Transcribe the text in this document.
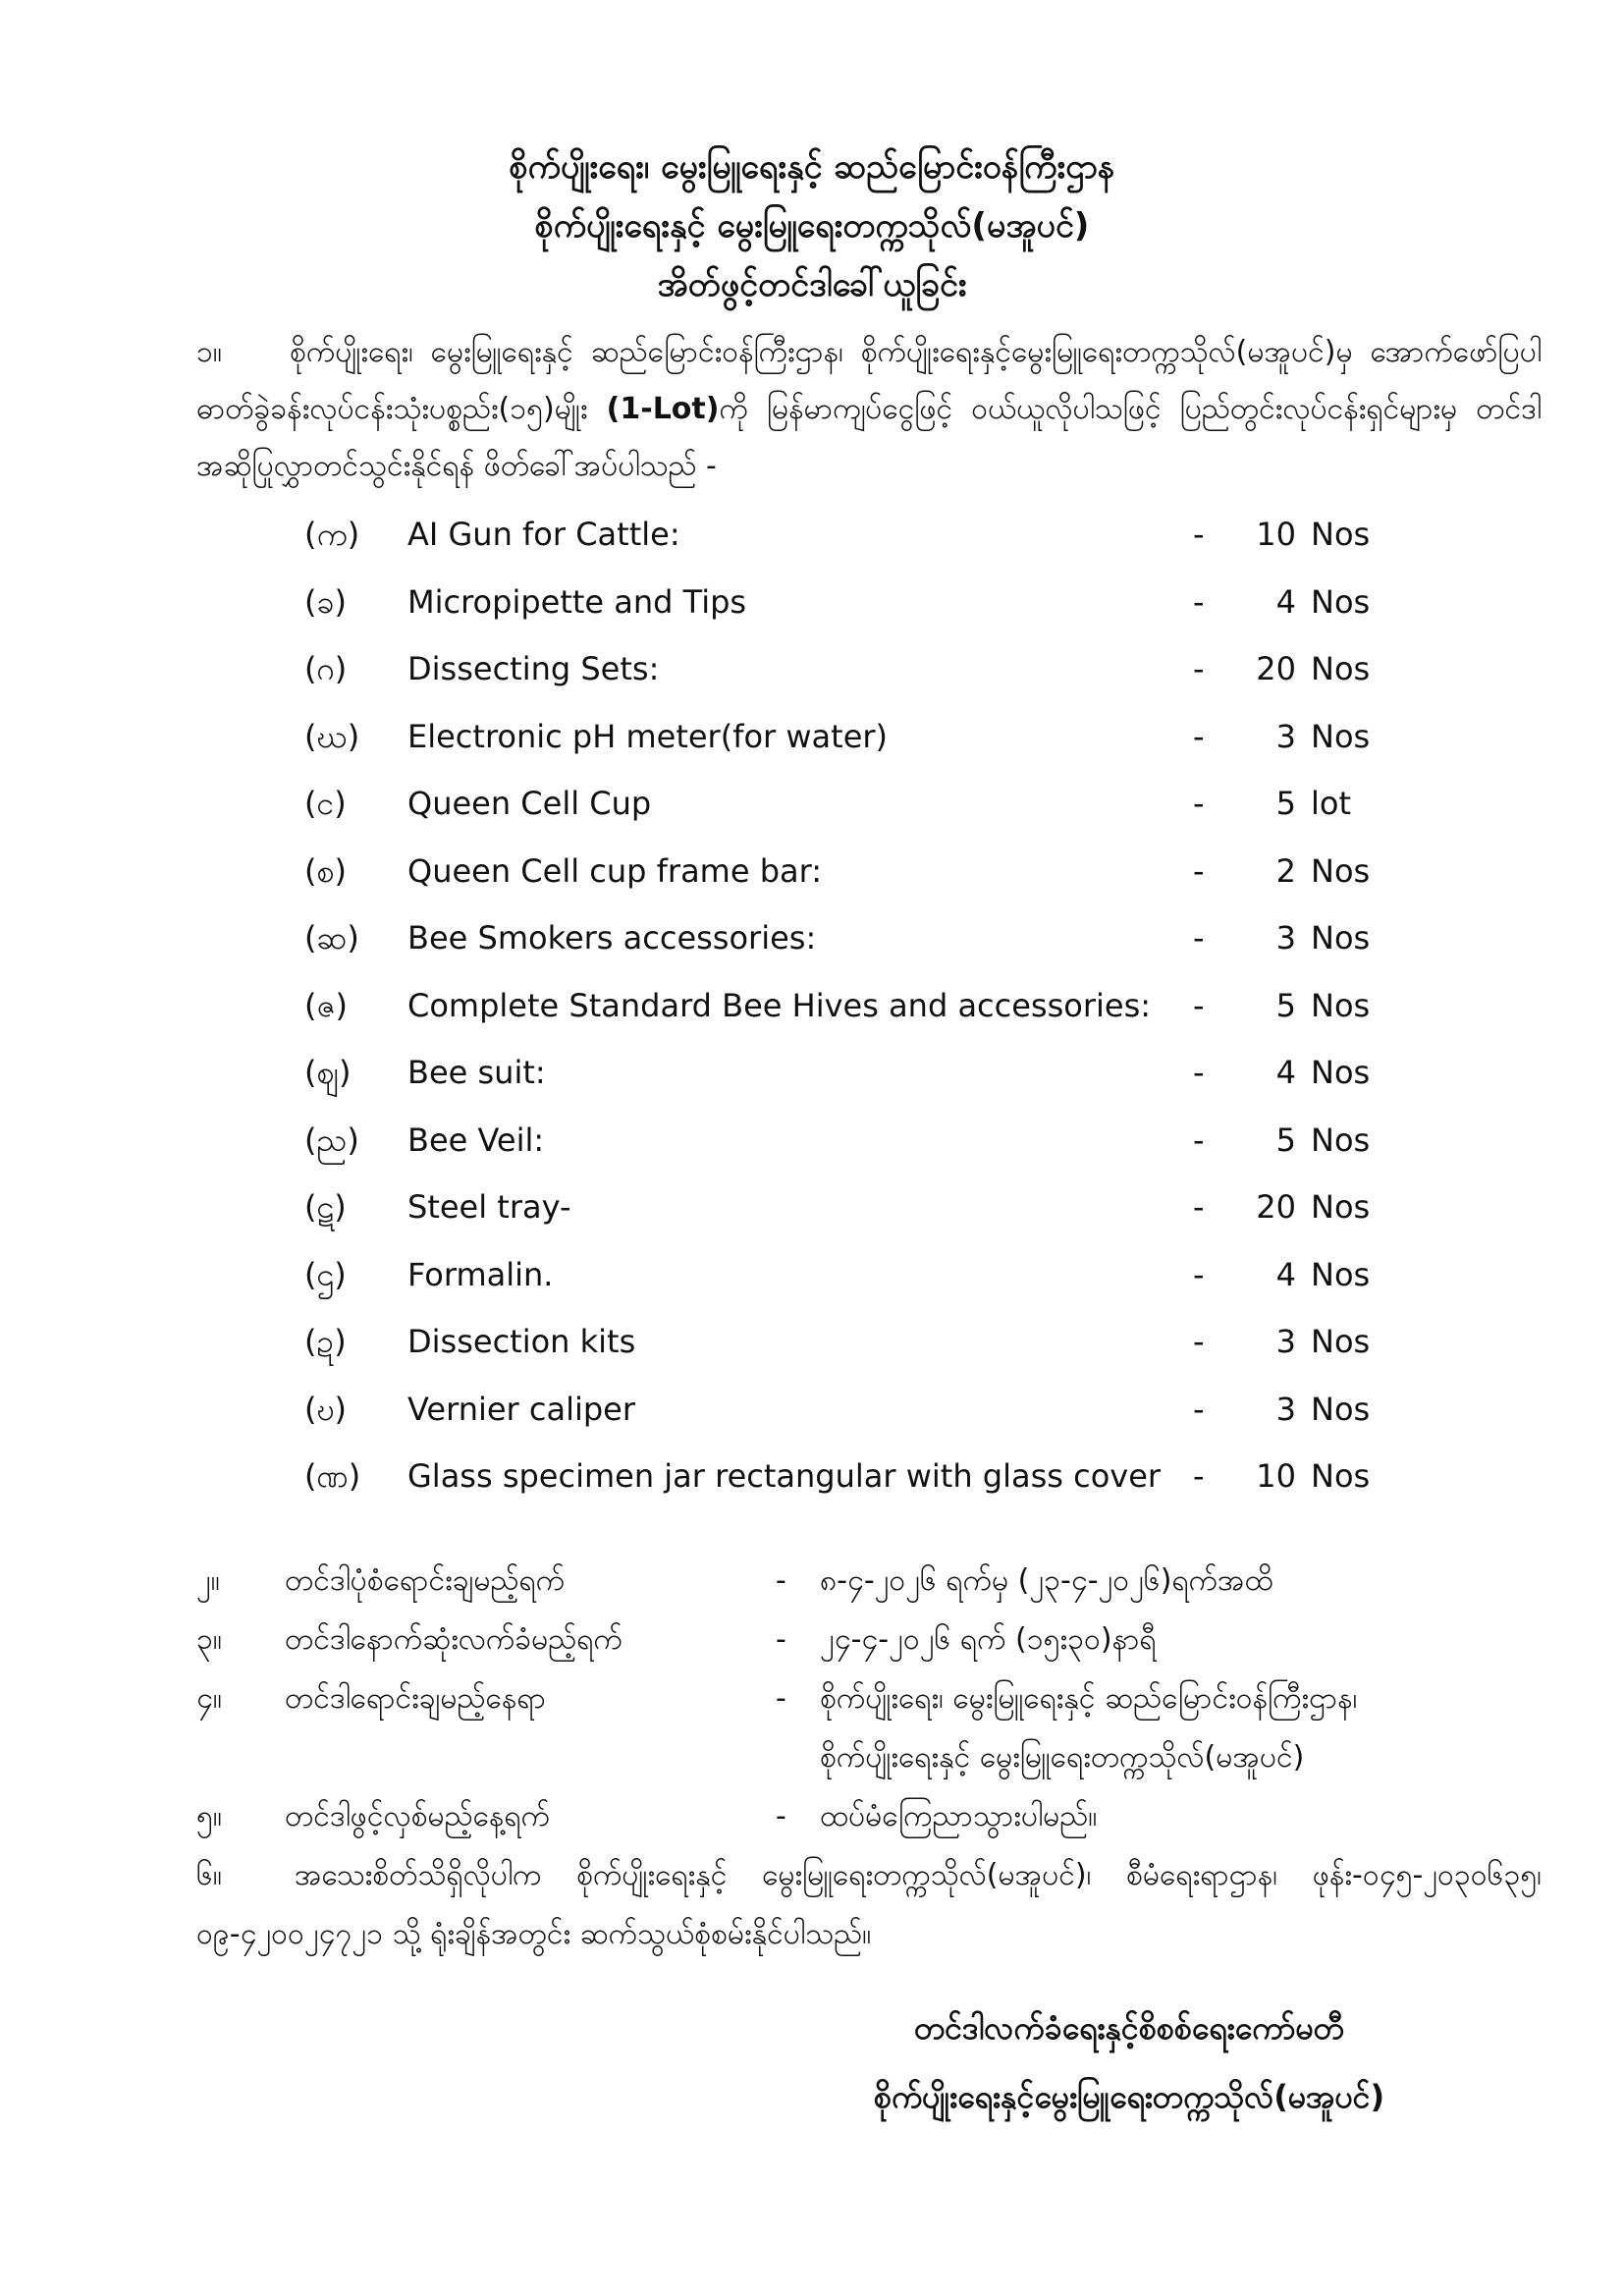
စိုက်ပျိုးရေး၊ မွေးမြူရေးနှင့် ဆည်မြောင်းဝန်ကြီးဌာန
စိုက်ပျိုးရေးနှင့် မွေးမြူရေးတက္ကသိုလ်(မအူပင်)
အိတ်ဖွင့်တင်ဒါခေါ်ယူခြင်း
၁။ စိုက်ပျိုးရေး၊ မွေးမြူရေးနှင့် ဆည်မြောင်းဝန်ကြီးဌာန၊ စိုက်ပျိုးရေးနှင့်မွေးမြူရေးတက္ကသိုလ်(မအူပင်)မှ အောက်ဖော်ပြပါ ဓာတ်ခွဲခန်းလုပ်ငန်းသုံးပစ္စည်း(၁၅)မျိုး (1-Lot)ကို မြန်မာကျပ်ငွေဖြင့် ဝယ်ယူလိုပါသဖြင့် ပြည်တွင်းလုပ်ငန်းရှင်များမှ တင်ဒါအဆိုပြုလွှာတင်သွင်းနိုင်ရန် ဖိတ်ခေါ်အပ်ပါသည် -
(က)	AI Gun for Cattle:	-	10 Nos
(ခ)	Micropipette and Tips	-	4 Nos
(ဂ)	Dissecting Sets:	-	20 Nos
(ဃ)	Electronic pH meter(for water)	-	3 Nos
(င)	Queen Cell Cup	-	5 lot
(စ)	Queen Cell cup frame bar:	-	2 Nos
(ဆ)	Bee Smokers accessories:	-	3 Nos
(ဇ)	Complete Standard Bee Hives and accessories: -	5 Nos
(ဈ)	Bee suit:	-	4 Nos
(ည)	Bee Veil:	-	5 Nos
(ဋ)	Steel tray-	-	20 Nos
(ဌ)	Formalin.	-	4 Nos
(ဍ)	Dissection kits	-	3 Nos
(ဎ)	Vernier caliper	-	3 Nos
(ဏ)	Glass specimen jar rectangular with glass cover -	10 Nos
၂။ တင်ဒါပုံစံရောင်းချမည့်ရက်	- ၈-၄-၂၀၂၆ ရက်မှ (၂၃-၄-၂၀၂၆)ရက်အထိ
၃။ တင်ဒါနောက်ဆုံးလက်ခံမည့်ရက်	- ၂၄-၄-၂၀၂၆ ရက် (၁၅း၃၀)နာရီ
၄။ တင်ဒါရောင်းချမည့်နေရာ	- စိုက်ပျိုးရေး၊ မွေးမြူရေးနှင့် ဆည်မြောင်းဝန်ကြီးဌာန၊
စိုက်ပျိုးရေးနှင့် မွေးမြူရေးတက္ကသိုလ်(မအူပင်)
၅။ တင်ဒါဖွင့်လှစ်မည့်နေ့ရက်	- ထပ်မံကြေညာသွားပါမည်။
၆။ အသေးစိတ်သိရှိလိုပါက စိုက်ပျိုးရေးနှင့် မွေးမြူရေးတက္ကသိုလ်(မအူပင်)၊ စီမံရေးရာဌာန၊ ဖုန်း-၀၄၅-၂၀၃၀၆၃၅၊ ၀၉-၄၂၀၀၂၄၇၂၁ သို့ ရုံးချိန်အတွင်း ဆက်သွယ်စုံစမ်းနိုင်ပါသည်။
တင်ဒါလက်ခံရေးနှင့်စိစစ်ရေးကော်မတီ
စိုက်ပျိုးရေးနှင့်မွေးမြူရေးတက္ကသိုလ်(မအူပင်)
